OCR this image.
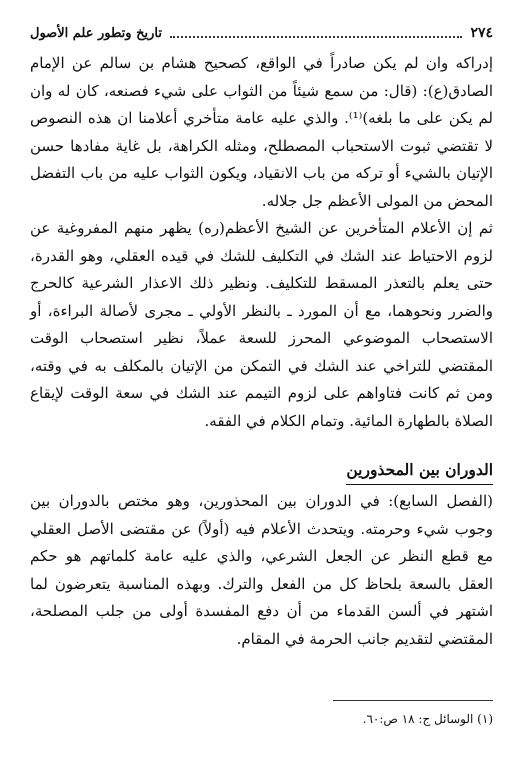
٢٧٤
تاريخ وتطور علم الأصول

إدراكه وان لم يكن صادراً في الواقع، كصحيح هشام بن سالم عن الإمام الصادق(ع): (قال: من سمع شيئاً من الثواب على شيء فصنعه، كان له وان لم يكن على ما بلغه)⁽¹⁾. والذي عليه عامة متأخري أعلامنا ان هذه النصوص لا تقتضي ثبوت الاستحباب المصطلح، ومثله الكراهة، بل غاية مفادها حسن الإتيان بالشيء أو تركه من باب الانقياد، ويكون الثواب عليه من باب التفضل المحض من المولى الأعظم جل جلاله.

ثم إن الأعلام المتأخرين عن الشيخ الأعظم(ره) يظهر منهم المفروغية عن لزوم الاحتياط عند الشك في التكليف للشك في قيده العقلي، وهو القدرة، حتى يعلم بالتعذر المسقط للتكليف. ونظير ذلك الاعذار الشرعية كالحرج والضرر ونحوهما، مع أن المورد ـ بالنظر الأولي ـ مجرى لأصالة البراءة، أو الاستصحاب الموضوعي المحرز للسعة عملاً، نظير استصحاب الوقت المقتضي للتراخي عند الشك في التمكن من الإتيان بالمكلف به في وقته، ومن ثم كانت فتاواهم على لزوم التيمم عند الشك في سعة الوقت لإيقاع الصلاة بالطهارة المائية. وتمام الكلام في الفقه.

الدوران بين المحذورين

(الفصل السابع): في الدوران بين المحذورين، وهو مختص بالدوران بين وجوب شيء وحرمته. ويتحدث الأعلام فيه (أولاً) عن مقتضى الأصل العقلي مع قطع النظر عن الجعل الشرعي، والذي عليه عامة كلماتهم هو حكم العقل بالسعة بلحاظ كل من الفعل والترك. وبهذه المناسبة يتعرضون لما اشتهر في ألسن القدماء من أن دفع المفسدة أولى من جلب المصلحة، المقتضي لتقديم جانب الحرمة في المقام.

(١) الوسائل ج: ١٨ ص:٦٠.
